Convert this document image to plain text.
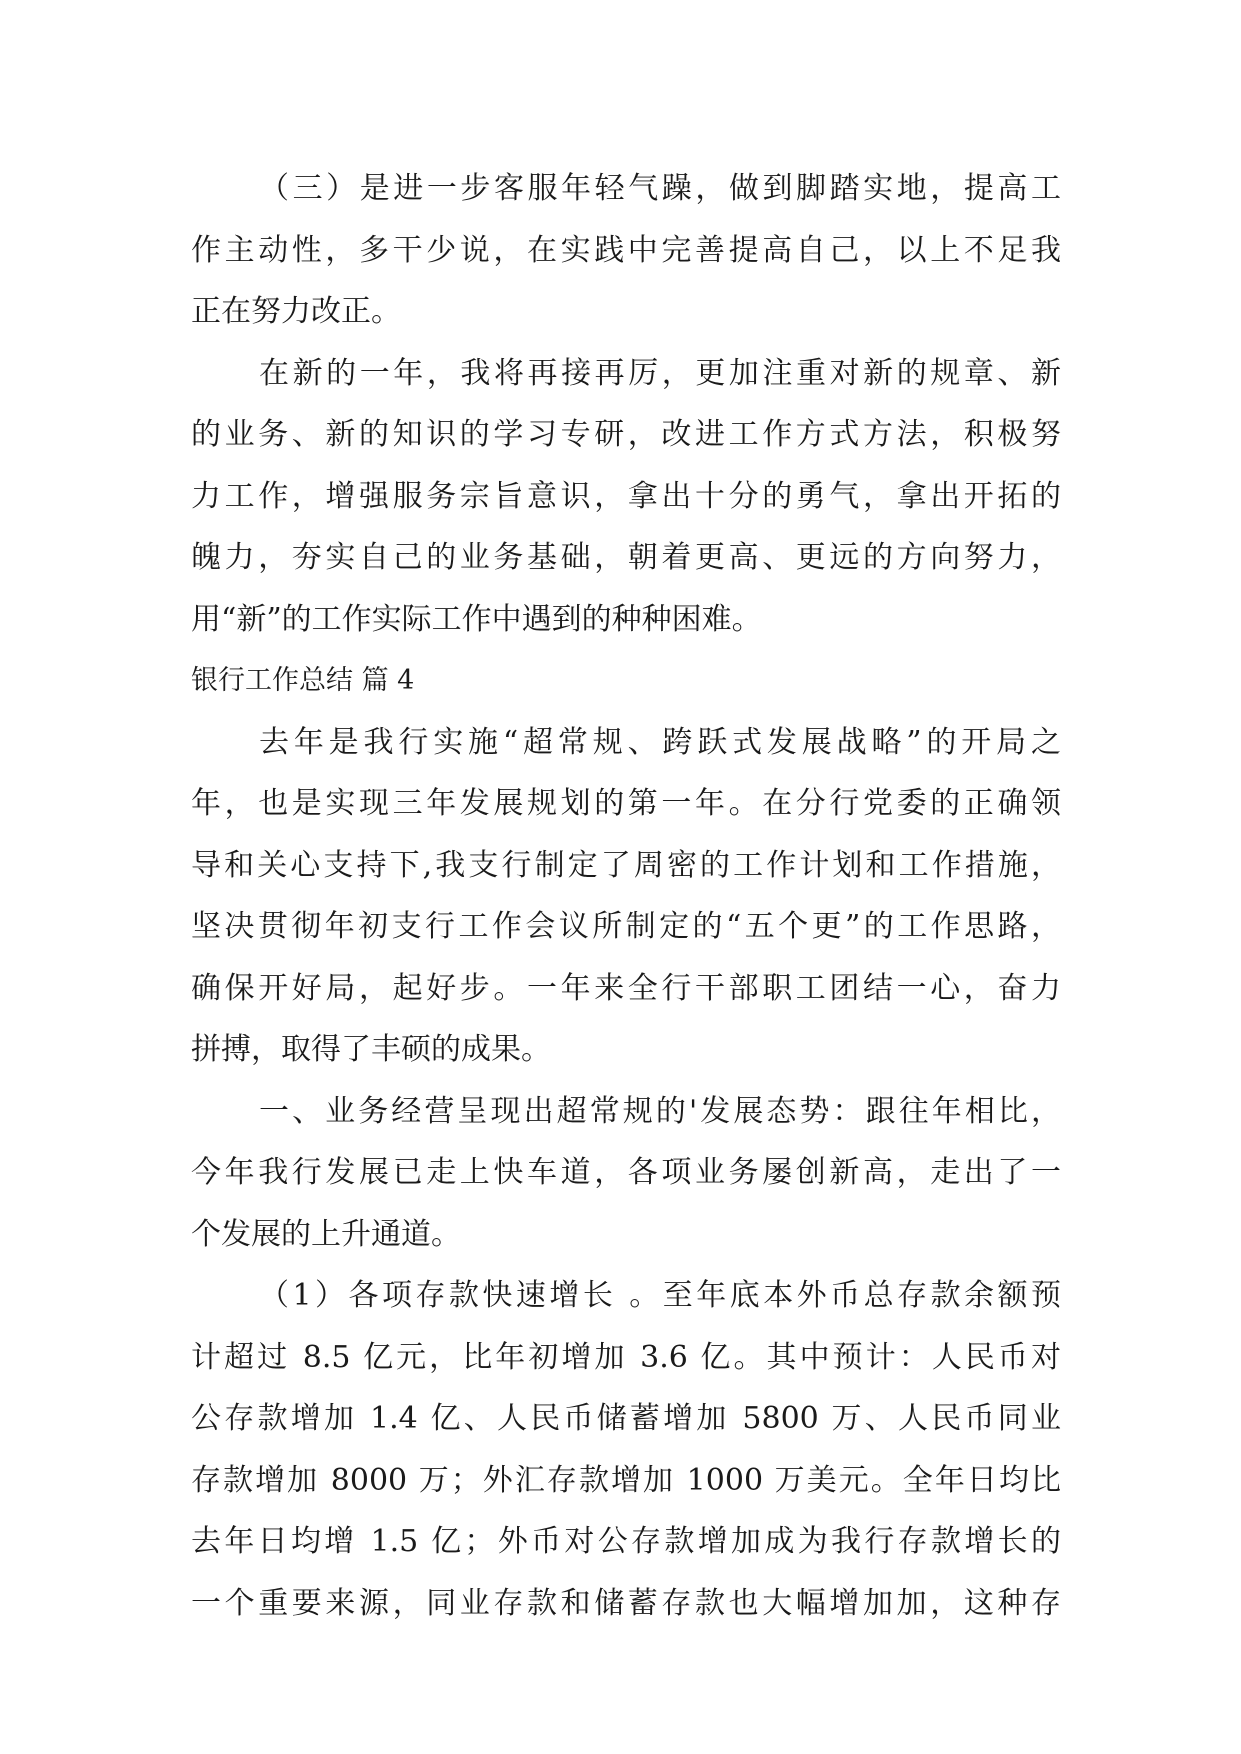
（三）是进一步客服年轻气躁，做到脚踏实地，提高工
作主动性，多干少说，在实践中完善提高自己，以上不足我
正在努力改正。
在新的一年，我将再接再厉，更加注重对新的规章、新
的业务、新的知识的学习专研，改进工作方式方法，积极努
力工作，增强服务宗旨意识，拿出十分的勇气，拿出开拓的
魄力，夯实自己的业务基础，朝着更高、更远的方向努力，
用“新”的工作实际工作中遇到的种种困难。
银行工作总结 篇 4
去年是我行实施“超常规、跨跃式发展战略”的开局之
年，也是实现三年发展规划的第一年。在分行党委的正确领
导和关心支持下,我支行制定了周密的工作计划和工作措施，
坚决贯彻年初支行工作会议所制定的“五个更”的工作思路，
确保开好局，起好步。一年来全行干部职工团结一心，奋力
拼搏，取得了丰硕的成果。
一、业务经营呈现出超常规的'发展态势：跟往年相比，
今年我行发展已走上快车道，各项业务屡创新高，走出了一
个发展的上升通道。
（1）各项存款快速增长 。至年底本外币总存款余额预
计超过 8.5 亿元，比年初增加 3.6 亿。其中预计：人民币对
公存款增加 1.4 亿、人民币储蓄增加 5800 万、人民币同业
存款增加 8000 万；外汇存款增加 1000 万美元。全年日均比
去年日均增 1.5 亿；外币对公存款增加成为我行存款增长的
一个重要来源，同业存款和储蓄存款也大幅增加加，这种存
